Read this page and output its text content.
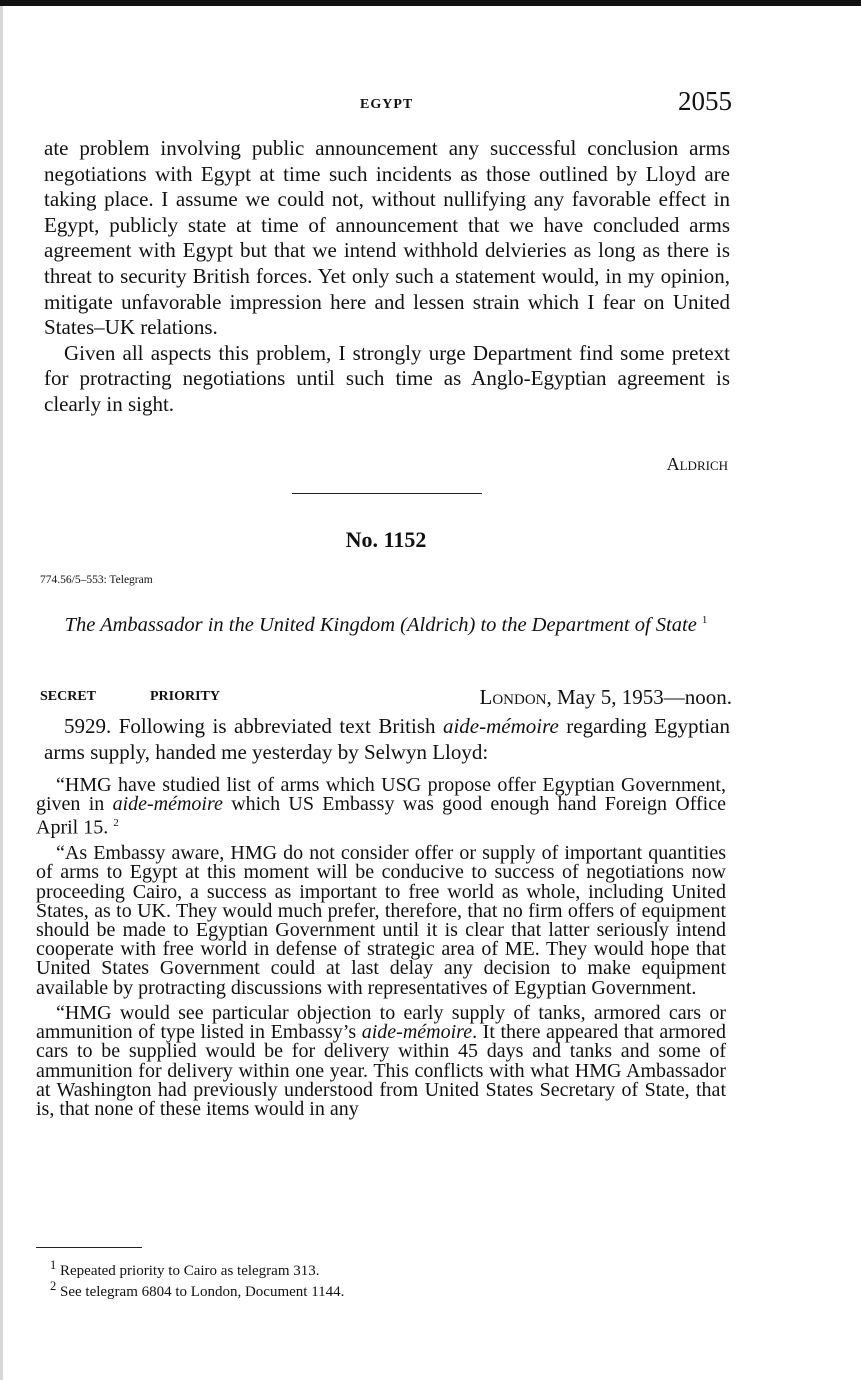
EGYPT	2055

ate problem involving public announcement any successful conclusion arms negotiations with Egypt at time such incidents as those outlined by Lloyd are taking place. I assume we could not, without nullifying any favorable effect in Egypt, publicly state at time of announcement that we have concluded arms agreement with Egypt but that we intend withhold delvieries as long as there is threat to security British forces. Yet only such a statement would, in my opinion, mitigate unfavorable impression here and lessen strain which I fear on United States–UK relations.

Given all aspects this problem, I strongly urge Department find some pretext for protracting negotiations until such time as Anglo-Egyptian agreement is clearly in sight.

Aldrich
No. 1152
774.56/5–553: Telegram
The Ambassador in the United Kingdom (Aldrich) to the Department of State $^1$
SECRET	PRIORITY	London, May 5, 1953—noon.

5929. Following is abbreviated text British aide-mémoire regarding Egyptian arms supply, handed me yesterday by Selwyn Lloyd:

“HMG have studied list of arms which USG propose offer Egyptian Government, given in aide-mémoire which US Embassy was good enough hand Foreign Office April 15. $^2$

“As Embassy aware, HMG do not consider offer or supply of important quantities of arms to Egypt at this moment will be conducive to success of negotiations now proceeding Cairo, a success as important to free world as whole, including United States, as to UK. They would much prefer, therefore, that no firm offers of equipment should be made to Egyptian Government until it is clear that latter seriously intend cooperate with free world in defense of strategic area of ME. They would hope that United States Government could at last delay any decision to make equipment available by protracting discussions with representatives of Egyptian Government.

“HMG would see particular objection to early supply of tanks, armored cars or ammunition of type listed in Embassy’s aide-mémoire. It there appeared that armored cars to be supplied would be for delivery within 45 days and tanks and some of ammunition for delivery within one year. This conflicts with what HMG Ambassador at Washington had previously understood from United States Secretary of State, that is, that none of these items would in any

$^1$ Repeated priority to Cairo as telegram 313.
$^2$ See telegram 6804 to London, Document 1144.
